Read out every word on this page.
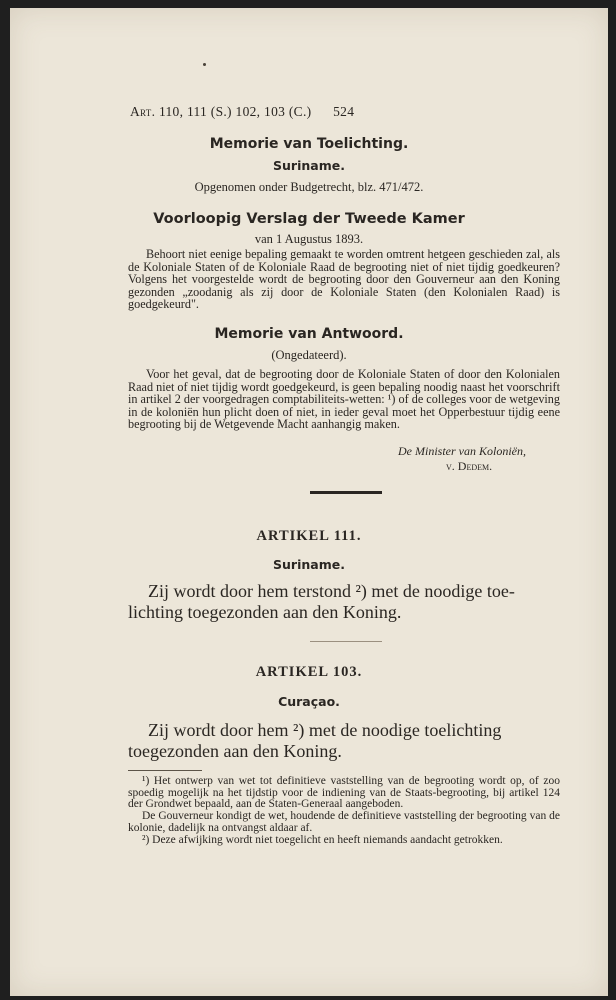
Art. 110, 111 (S.) 102, 103 (C.) 524
Memorie van Toelichting.
Suriname.
Opgenomen onder Budgetrecht, blz. 471/472.
Voorloopig Verslag der Tweede Kamer
van 1 Augustus 1893.
Behoort niet eenige bepaling gemaakt te worden omtrent hetgeen geschieden zal, als de Koloniale Staten of de Koloniale Raad de begrooting niet of niet tijdig goedkeuren? Volgens het voorgestelde wordt de begrooting door den Gouverneur aan den Koning gezonden „zoodanig als zij door de Koloniale Staten (den Kolonialen Raad) is goedgekeurd".
Memorie van Antwoord.
(Ongedateerd).
Voor het geval, dat de begrooting door de Koloniale Staten of door den Kolonialen Raad niet of niet tijdig wordt goedgekeurd, is geen bepaling noodig naast het voorschrift in artikel 2 der voorgedragen comptabiliteits-wetten: ¹) of de colleges voor de wetgeving in de koloniën hun plicht doen of niet, in ieder geval moet het Opperbestuur tijdig eene begrooting bij de Wetgevende Macht aanhangig maken.
De Minister van Koloniën,
v. Dedem.
ARTIKEL 111.
Suriname.
Zij wordt door hem terstond ²) met de noodige toe-
lichting toegezonden aan den Koning.
ARTIKEL 103.
Curaçao.
Zij wordt door hem ²) met de noodige toelichting
toegezonden aan den Koning.
¹) Het ontwerp van wet tot definitieve vaststelling van de begrooting wordt op, of zoo spoedig mogelijk na het tijdstip voor de indiening van de Staats-begrooting, bij artikel 124 der Grondwet bepaald, aan de Staten-Generaal aangeboden.
De Gouverneur kondigt de wet, houdende de definitieve vaststelling der begrooting van de kolonie, dadelijk na ontvangst aldaar af.
²) Deze afwijking wordt niet toegelicht en heeft niemands aandacht getrokken.
